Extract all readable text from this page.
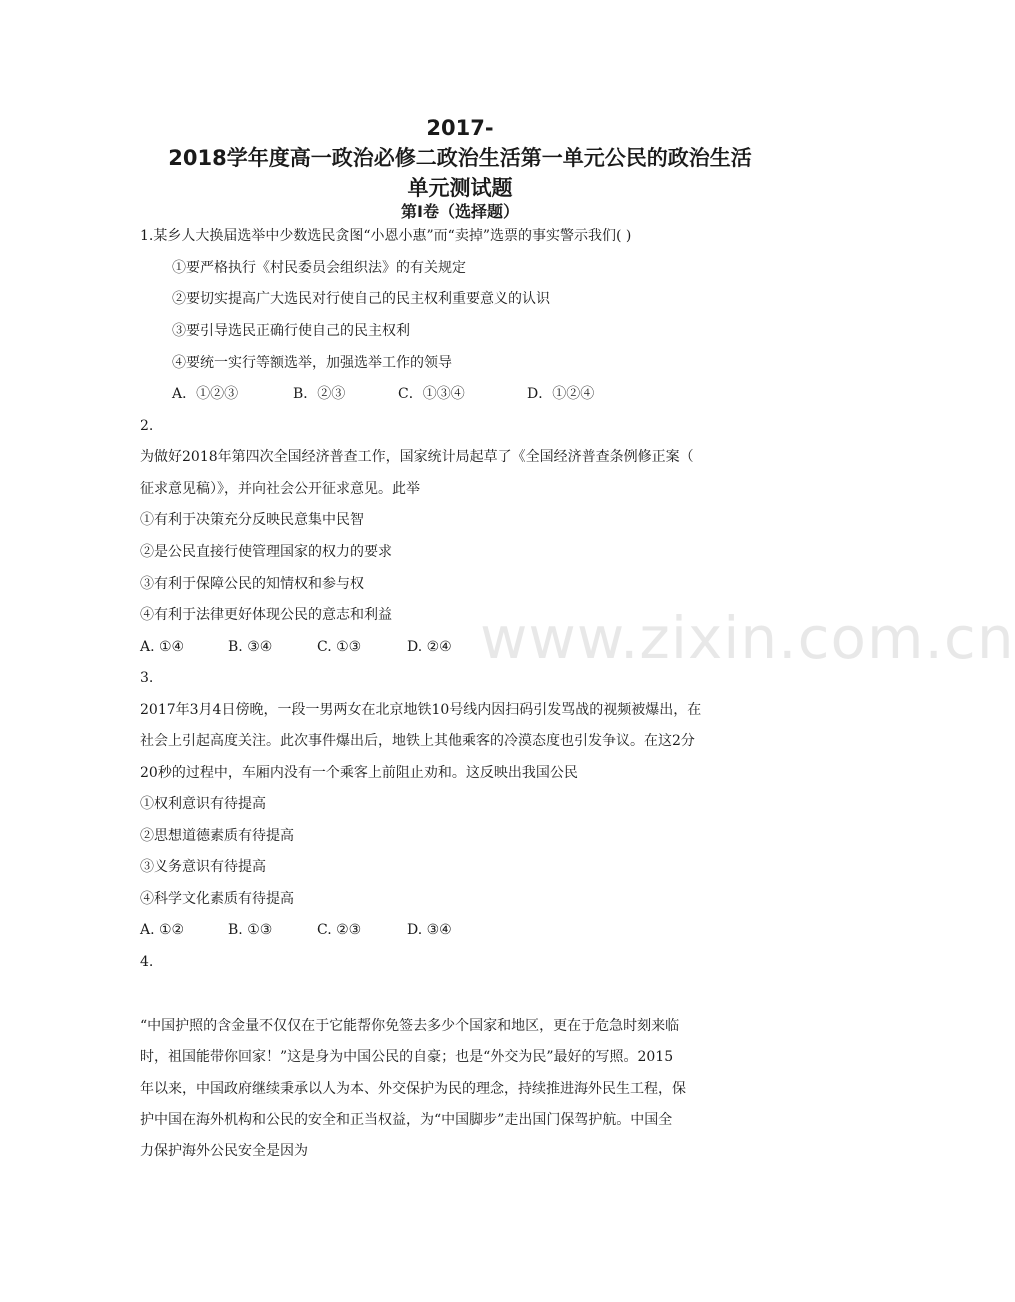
2017-
2018学年度高一政治必修二政治生活第一单元公民的政治生活
单元测试题
第I卷（选择题）
1.某乡人大换届选举中少数选民贪图“小恩小惠”而“卖掉”选票的事实警示我们( )
①要严格执行《村民委员会组织法》的有关规定
②要切实提高广大选民对行使自己的民主权利重要意义的认识
③要引导选民正确行使自己的民主权利
④要统一实行等额选举，加强选举工作的领导
A．①②③	B．②③	C．①③④	D．①②④
2.
为做好2018年第四次全国经济普查工作，国家统计局起草了《全国经济普查条例修正案（
征求意见稿）》，并向社会公开征求意见。此举
①有利于决策充分反映民意集中民智
②是公民直接行使管理国家的权力的要求
③有利于保障公民的知情权和参与权
④有利于法律更好体现公民的意志和利益
A. ①④	B. ③④	C. ①③	D. ②④
3.
2017年3月4日傍晚，一段一男两女在北京地铁10号线内因扫码引发骂战的视频被爆出，在
社会上引起高度关注。此次事件爆出后，地铁上其他乘客的冷漠态度也引发争议。在这2分
20秒的过程中，车厢内没有一个乘客上前阻止劝和。这反映出我国公民
①权利意识有待提高
②思想道德素质有待提高
③义务意识有待提高
④科学文化素质有待提高
A. ①②	B. ①③	C. ②③	D. ③④
4.
“中国护照的含金量不仅仅在于它能帮你免签去多少个国家和地区，更在于危急时刻来临
时，祖国能带你回家！”这是身为中国公民的自豪；也是“外交为民”最好的写照。2015
年以来，中国政府继续秉承以人为本、外交保护为民的理念，持续推进海外民生工程，保
护中国在海外机构和公民的安全和正当权益，为“中国脚步”走出国门保驾护航。中国全
力保护海外公民安全是因为
www.zixin.com.cn
